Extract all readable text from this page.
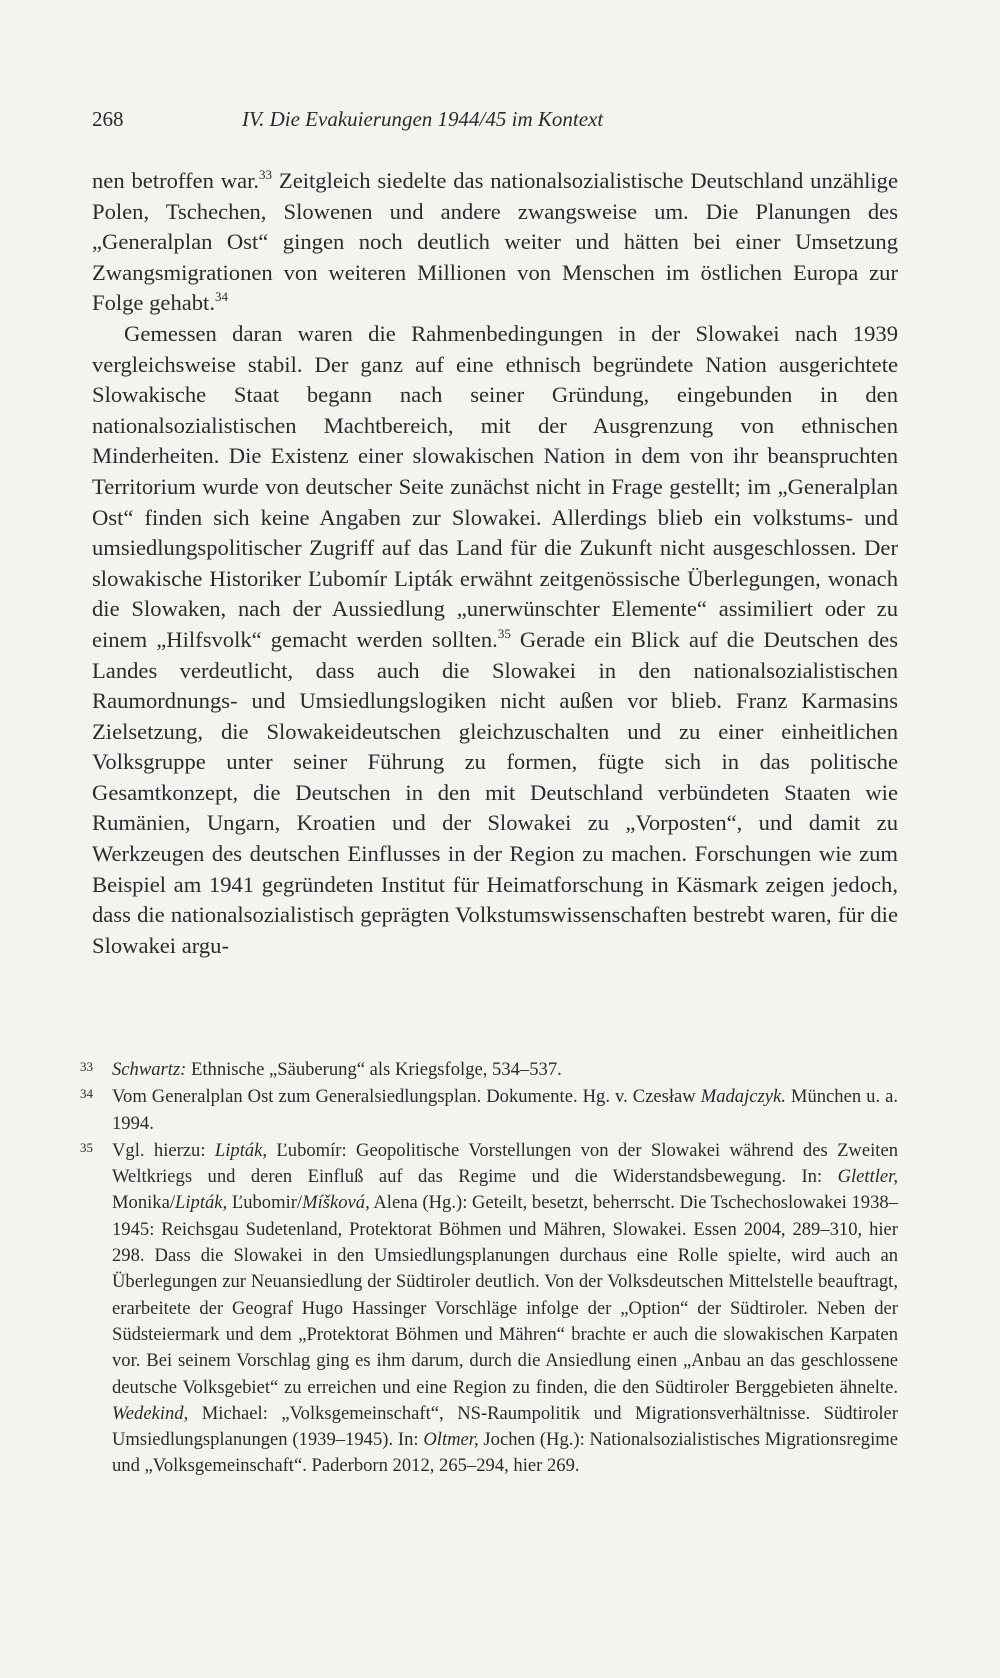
268	IV. Die Evakuierungen 1944/45 im Kontext

nen betroffen war.$^{33}$ Zeitgleich siedelte das nationalsozialistische Deutschland unzählige Polen, Tschechen, Slowenen und andere zwangsweise um. Die Planungen des „Generalplan Ost“ gingen noch deutlich weiter und hätten bei einer Umsetzung Zwangsmigrationen von weiteren Millionen von Menschen im östlichen Europa zur Folge gehabt.$^{34}$

Gemessen daran waren die Rahmenbedingungen in der Slowakei nach 1939 vergleichsweise stabil. Der ganz auf eine ethnisch begründete Nation ausgerichtete Slowakische Staat begann nach seiner Gründung, eingebunden in den nationalsozialistischen Machtbereich, mit der Ausgrenzung von ethnischen Minderheiten. Die Existenz einer slowakischen Nation in dem von ihr beanspruchten Territorium wurde von deutscher Seite zunächst nicht in Frage gestellt; im „Generalplan Ost“ finden sich keine Angaben zur Slowakei. Allerdings blieb ein volkstums- und umsiedlungspolitischer Zugriff auf das Land für die Zukunft nicht ausgeschlossen. Der slowakische Historiker Ľubomír Lipták erwähnt zeitgenössische Überlegungen, wonach die Slowaken, nach der Aussiedlung „unerwünschter Elemente“ assimiliert oder zu einem „Hilfsvolk“ gemacht werden sollten.$^{35}$ Gerade ein Blick auf die Deutschen des Landes verdeutlicht, dass auch die Slowakei in den nationalsozialistischen Raumordnungs- und Umsiedlungslogiken nicht außen vor blieb. Franz Karmasins Zielsetzung, die Slowakeideutschen gleichzuschalten und zu einer einheitlichen Volksgruppe unter seiner Führung zu formen, fügte sich in das politische Gesamtkonzept, die Deutschen in den mit Deutschland verbündeten Staaten wie Rumänien, Ungarn, Kroatien und der Slowakei zu „Vorposten“, und damit zu Werkzeugen des deutschen Einflusses in der Region zu machen. Forschungen wie zum Beispiel am 1941 gegründeten Institut für Heimatforschung in Käsmark zeigen jedoch, dass die nationalsozialistisch geprägten Volkstumswissenschaften bestrebt waren, für die Slowakei argu-

33 Schwartz: Ethnische „Säuberung“ als Kriegsfolge, 534–537.

34 Vom Generalplan Ost zum Generalsiedlungsplan. Dokumente. Hg. v. Czesław Madajczyk. München u. a. 1994.

35 Vgl. hierzu: Lipták, Ľubomír: Geopolitische Vorstellungen von der Slowakei während des Zweiten Weltkriegs und deren Einfluß auf das Regime und die Widerstandsbewegung. In: Glettler, Monika/Lipták, Ľubomir/Míšková, Alena (Hg.): Geteilt, besetzt, beherrscht. Die Tschechoslowakei 1938–1945: Reichsgau Sudetenland, Protektorat Böhmen und Mähren, Slowakei. Essen 2004, 289–310, hier 298. Dass die Slowakei in den Umsiedlungsplanungen durchaus eine Rolle spielte, wird auch an Überlegungen zur Neuansiedlung der Südtiroler deutlich. Von der Volksdeutschen Mittelstelle beauftragt, erarbeitete der Geograf Hugo Hassinger Vorschläge infolge der „Option“ der Südtiroler. Neben der Südsteiermark und dem „Protektorat Böhmen und Mähren“ brachte er auch die slowakischen Karpaten vor. Bei seinem Vorschlag ging es ihm darum, durch die Ansiedlung einen „Anbau an das geschlossene deutsche Volksgebiet“ zu erreichen und eine Region zu finden, die den Südtiroler Berggebieten ähnelte. Wedekind, Michael: „Volksgemeinschaft“, NS-Raumpolitik und Migrationsverhältnisse. Südtiroler Umsiedlungsplanungen (1939–1945). In: Oltmer, Jochen (Hg.): Nationalsozialistisches Migrationsregime und „Volksgemeinschaft“. Paderborn 2012, 265–294, hier 269.
